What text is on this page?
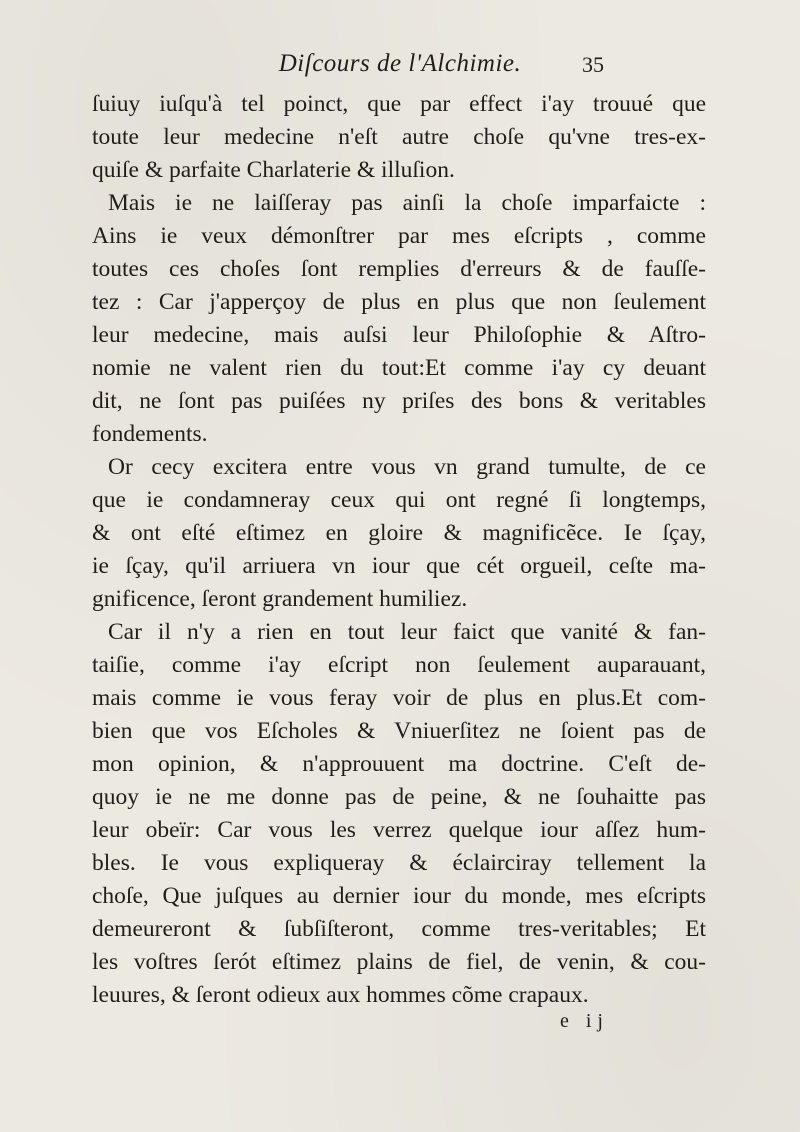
Diſcours de l'Alchimie.	35
ſuiuy iuſqu'à tel poinct, que par effect i'ay trouué que
toute leur medecine n'eſt autre choſe qu'vne tres-ex-
quiſe & parfaite Charlaterie & illuſion.
Mais ie ne laiſſeray pas ainſi la choſe imparfaicte :
Ains ie veux démonſtrer par mes eſcripts , comme
toutes ces choſes ſont remplies d'erreurs & de fauſſe-
tez : Car j'apperçoy de plus en plus que non ſeulement
leur medecine, mais auſsi leur Philoſophie & Aſtro-
nomie ne valent rien du tout:Et comme i'ay cy deuant
dit, ne ſont pas puiſées ny priſes des bons & veritables
fondements.
Or cecy excitera entre vous vn grand tumulte, de ce
que ie condamneray ceux qui ont regné ſi longtemps,
& ont eſté eſtimez en gloire & magnificẽce. Ie ſçay,
ie ſçay, qu'il arriuera vn iour que cét orgueil, ceſte ma-
gnificence, ſeront grandement humiliez.
Car il n'y a rien en tout leur faict que vanité & fan-
taiſie, comme i'ay eſcript non ſeulement auparauant,
mais comme ie vous feray voir de plus en plus.Et com-
bien que vos Eſcholes & Vniuerſitez ne ſoient pas de
mon opinion, & n'approuuent ma doctrine. C'eſt de-
quoy ie ne me donne pas de peine, & ne ſouhaitte pas
leur obeïr: Car vous les verrez quelque iour aſſez hum-
bles. Ie vous expliqueray & éclairciray tellement la
choſe, Que juſques au dernier iour du monde, mes eſcripts
demeureront & ſubſiſteront, comme tres-veritables; Et
les voſtres ſerót eſtimez plains de fiel, de venin, & cou-
leuures, & ſeront odieux aux hommes cõme crapaux.
e ij
